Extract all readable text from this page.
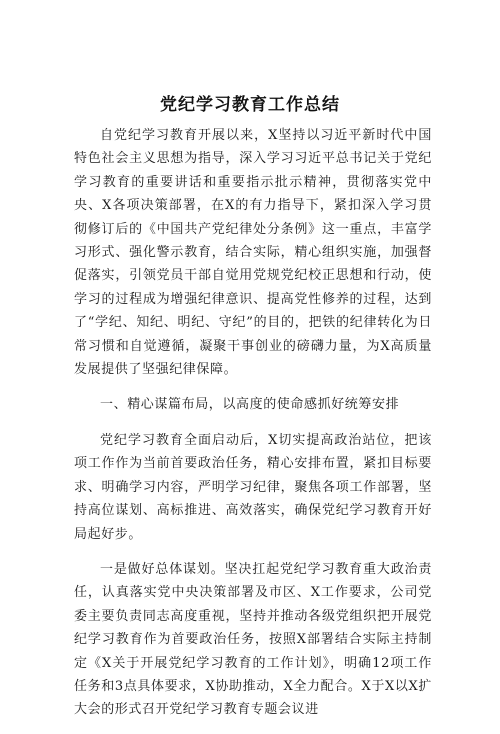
党纪学习教育工作总结

自党纪学习教育开展以来，X坚持以习近平新时代中国特色社会主义思想为指导，深入学习习近平总书记关于党纪学习教育的重要讲话和重要指示批示精神，贯彻落实党中央、X各项决策部署，在X的有力指导下，紧扣深入学习贯彻修订后的《中国共产党纪律处分条例》这一重点，丰富学习形式、强化警示教育，结合实际，精心组织实施，加强督促落实，引领党员干部自觉用党规党纪校正思想和行动，使学习的过程成为增强纪律意识、提高党性修养的过程，达到了“学纪、知纪、明纪、守纪”的目的，把铁的纪律转化为日常习惯和自觉遵循，凝聚干事创业的磅礴力量，为X高质量发展提供了坚强纪律保障。

一、精心谋篇布局，以高度的使命感抓好统筹安排

党纪学习教育全面启动后，X切实提高政治站位，把该项工作作为当前首要政治任务，精心安排布置，紧扣目标要求、明确学习内容，严明学习纪律，聚焦各项工作部署，坚持高位谋划、高标推进、高效落实，确保党纪学习教育开好局起好步。

一是做好总体谋划。坚决扛起党纪学习教育重大政治责任，认真落实党中央决策部署及市区、X工作要求，公司党委主要负责同志高度重视，坚持并推动各级党组织把开展党纪学习教育作为首要政治任务，按照X部署结合实际主持制定《X关于开展党纪学习教育的工作计划》，明确12项工作任务和3点具体要求，X协助推动，X全力配合。X于X以X扩大会的形式召开党纪学习教育专题会议进
